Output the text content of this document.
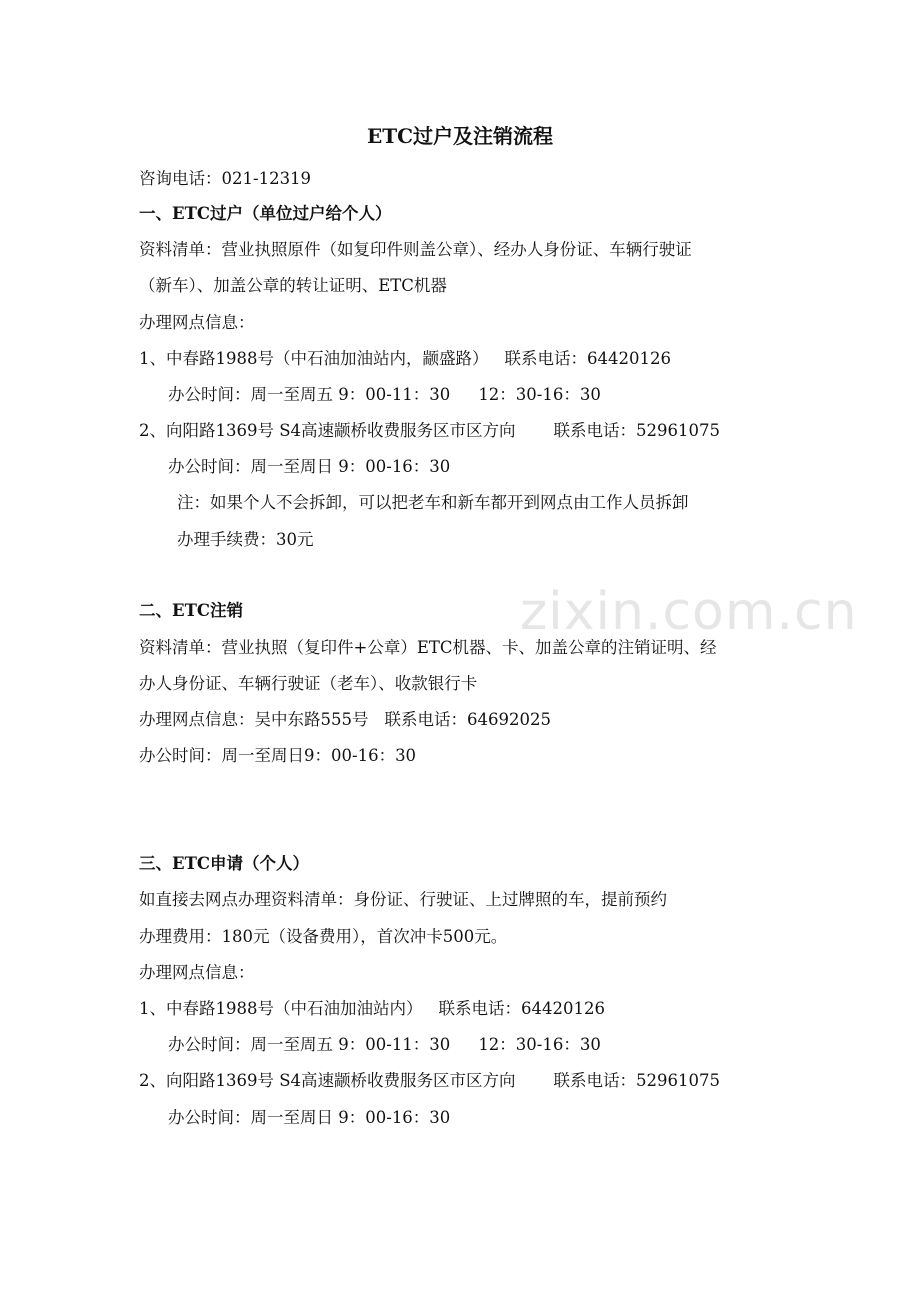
zixin.com.cn
ETC过户及注销流程
咨询电话：021-12319
一、ETC过户（单位过户给个人）
资料清单：营业执照原件（如复印件则盖公章）、经办人身份证、车辆行驶证
（新车）、加盖公章的转让证明、ETC机器
办理网点信息：
1、中春路1988号（中石油加油站内，颛盛路） 联系电话：64420126
办公时间：周一至周五 9：00-11：30 12：30-16：30
2、向阳路1369号 S4高速颛桥收费服务区市区方向 联系电话：52961075
办公时间：周一至周日 9：00-16：30
注：如果个人不会拆卸，可以把老车和新车都开到网点由工作人员拆卸
办理手续费：30元
二、ETC注销
资料清单：营业执照（复印件+公章）ETC机器、卡、加盖公章的注销证明、经
办人身份证、车辆行驶证（老车）、收款银行卡
办理网点信息：吴中东路555号 联系电话：64692025
办公时间：周一至周日9：00-16：30
三、ETC申请（个人）
如直接去网点办理资料清单：身份证、行驶证、上过牌照的车，提前预约
办理费用：180元（设备费用），首次冲卡500元。
办理网点信息：
1、中春路1988号（中石油加油站内） 联系电话：64420126
办公时间：周一至周五 9：00-11：30 12：30-16：30
2、向阳路1369号 S4高速颛桥收费服务区市区方向 联系电话：52961075
办公时间：周一至周日 9：00-16：30
